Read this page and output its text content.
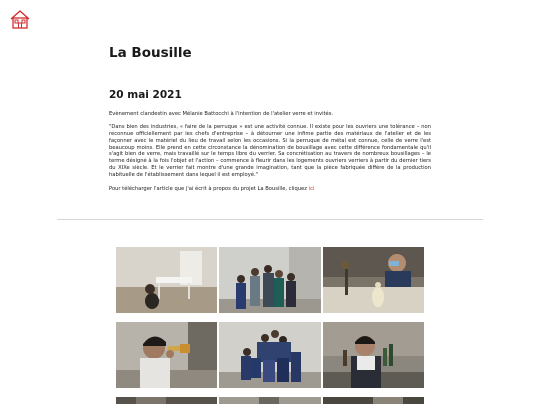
La Bousille
20 mai 2021

Evènement clandestin avec Mélanie Battocchi à l'intention de l'atelier verre et invités.

"Dans bien des industries, « faire de la perruque » est une activité connue. Il existe pour les ouvriers une tolérance – non reconnue officiellement par les chefs d'entreprise – à détourner une infime partie des matériaux de l'atelier et de les façonner avec le matériel du lieu de travail selon les occasions. Si la perruque de métal est connue, celle de verre l'est beaucoup moins. Elle prend en cette circonstance la dénomination de bousillage avec cette différence fondamentale qu'il s'agit bien de verre, mais travaillé sur le temps libre du verrier. Sa concrétisation au travers de nombreux bousillages – le terme désigné à la fois l'objet et l'action – commence à fleurir dans les logements ouvriers verriers à partir du dernier tiers du XIXe siècle. Et le verrier fait montre d'une grande imagination, tant que la pièce fabriquée diffère de la production habituelle de l'établissement dans lequel il est employé."

Pour télécharger l'article que j'ai écrit à propos du projet La Bousille, cliquez ici
